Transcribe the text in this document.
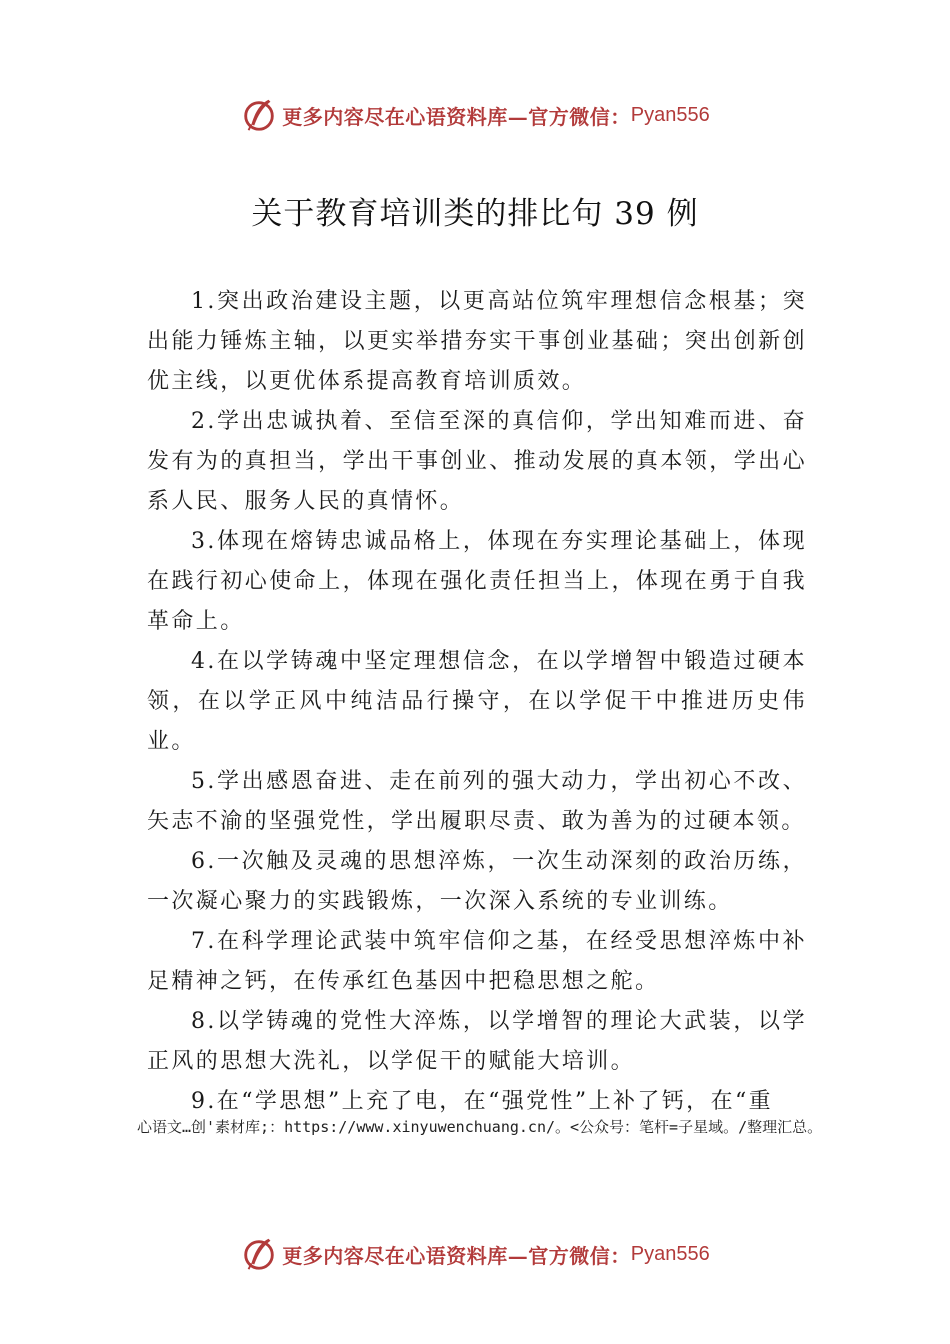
更多内容尽在心语资料库—官方微信： Pyan556
关于教育培训类的排比句 39 例

1.突出政治建设主题，以更高站位筑牢理想信念根基；突出能力锤炼主轴，以更实举措夯实干事创业基础；突出创新创优主线，以更优体系提高教育培训质效。

2.学出忠诚执着、至信至深的真信仰，学出知难而进、奋发有为的真担当，学出干事创业、推动发展的真本领，学出心系人民、服务人民的真情怀。

3.体现在熔铸忠诚品格上，体现在夯实理论基础上，体现在践行初心使命上，体现在强化责任担当上，体现在勇于自我革命上。

4.在以学铸魂中坚定理想信念，在以学增智中锻造过硬本领，在以学正风中纯洁品行操守，在以学促干中推进历史伟业。

5.学出感恩奋进、走在前列的强大动力，学出初心不改、矢志不渝的坚强党性，学出履职尽责、敢为善为的过硬本领。

6.一次触及灵魂的思想淬炼，一次生动深刻的政治历练，一次凝心聚力的实践锻炼，一次深入系统的专业训练。

7.在科学理论武装中筑牢信仰之基，在经受思想淬炼中补足精神之钙，在传承红色基因中把稳思想之舵。

8.以学铸魂的党性大淬炼，以学增智的理论大武装，以学正风的思想大洗礼，以学促干的赋能大培训。

9.在“学思想”上充了电，在“强党性”上补了钙，在“重

心语文…创'素材库;：https://www.xinyuwenchuang.cn/。<公众号：笔杆=子星域。/整理汇总。
更多内容尽在心语资料库—官方微信： Pyan556
